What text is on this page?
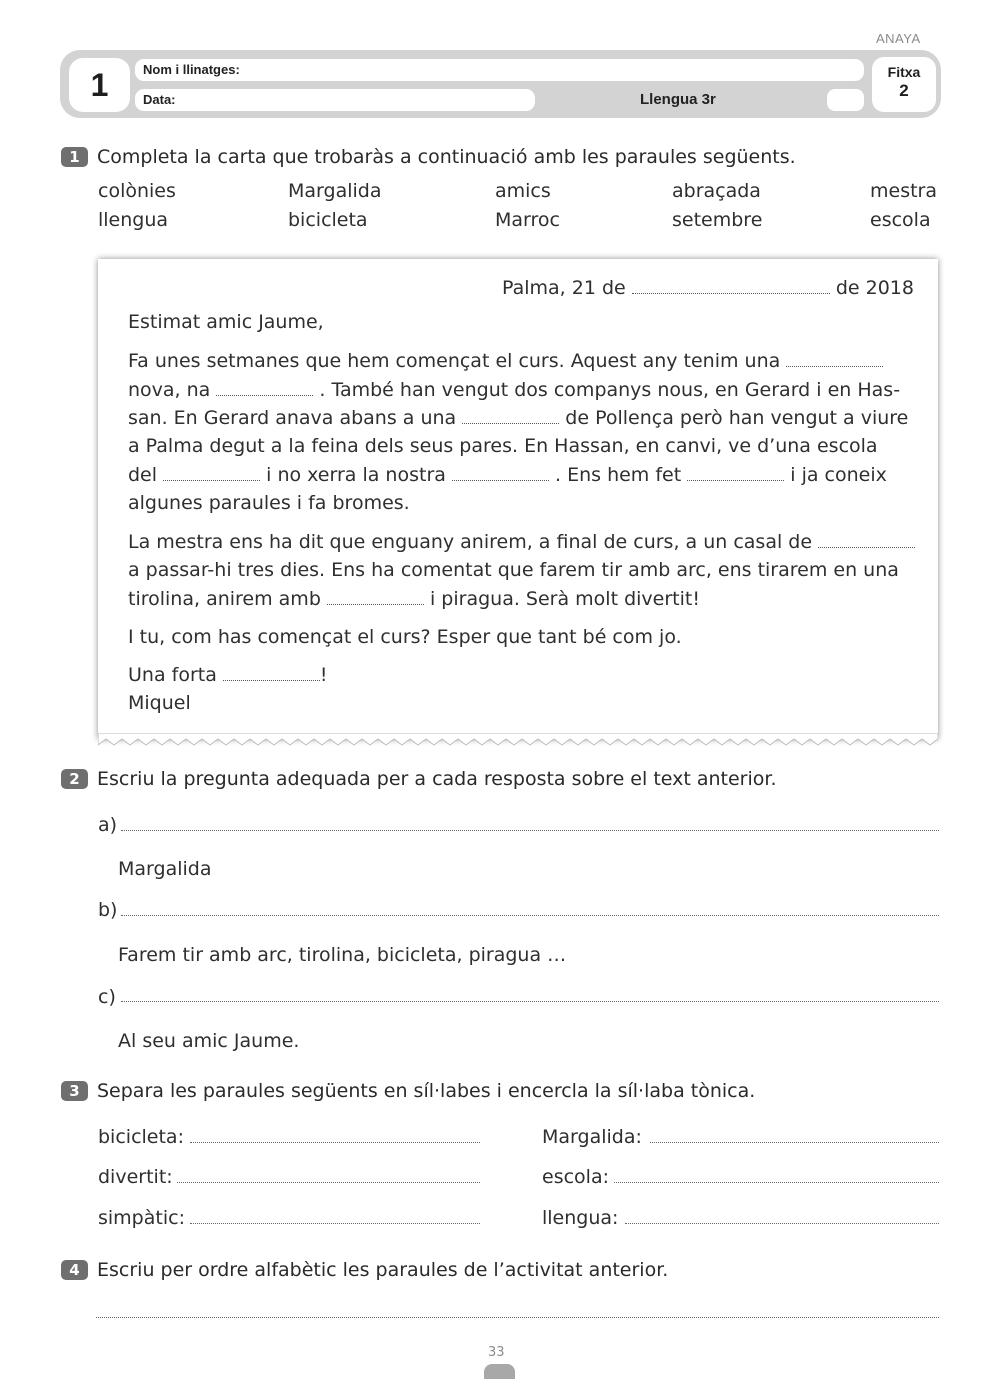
ANAYA
1	Nom i llinatges:
Data:	Llengua 3r
Fitxa
2
1 Completa la carta que trobaràs a continuació amb les paraules següents.
colònies	Margalida	amics	abraçada	mestra
llengua	bicicleta	Marroc	setembre	escola
Palma, 21 de	de 2018
Estimat amic Jaume,
Fa unes setmanes que hem començat el curs. Aquest any tenim una
nova, na	. També han vengut dos companys nous, en Gerard i en Has-
san. En Gerard anava abans a una	de Pollença però han vengut a viure
a Palma degut a la feina dels seus pares. En Hassan, en canvi, ve d’una escola
del	i no xerra la nostra	. Ens hem fet	i ja coneix
algunes paraules i fa bromes.
La mestra ens ha dit que enguany anirem, a final de curs, a un casal de
a passar-hi tres dies. Ens ha comentat que farem tir amb arc, ens tirarem en una
tirolina, anirem amb	i piragua. Serà molt divertit!
I tu, com has començat el curs? Esper que tant bé com jo.
Una forta	!
Miquel
2 Escriu la pregunta adequada per a cada resposta sobre el text anterior.
a)
Margalida
b)
Farem tir amb arc, tirolina, bicicleta, piragua …
c)
Al seu amic Jaume.
3 Separa les paraules següents en síl·labes i encercla la síl·laba tònica.
bicicleta:	Margalida:
divertit:	escola:
simpàtic:	llengua:
4 Escriu per ordre alfabètic les paraules de l’activitat anterior.
33
